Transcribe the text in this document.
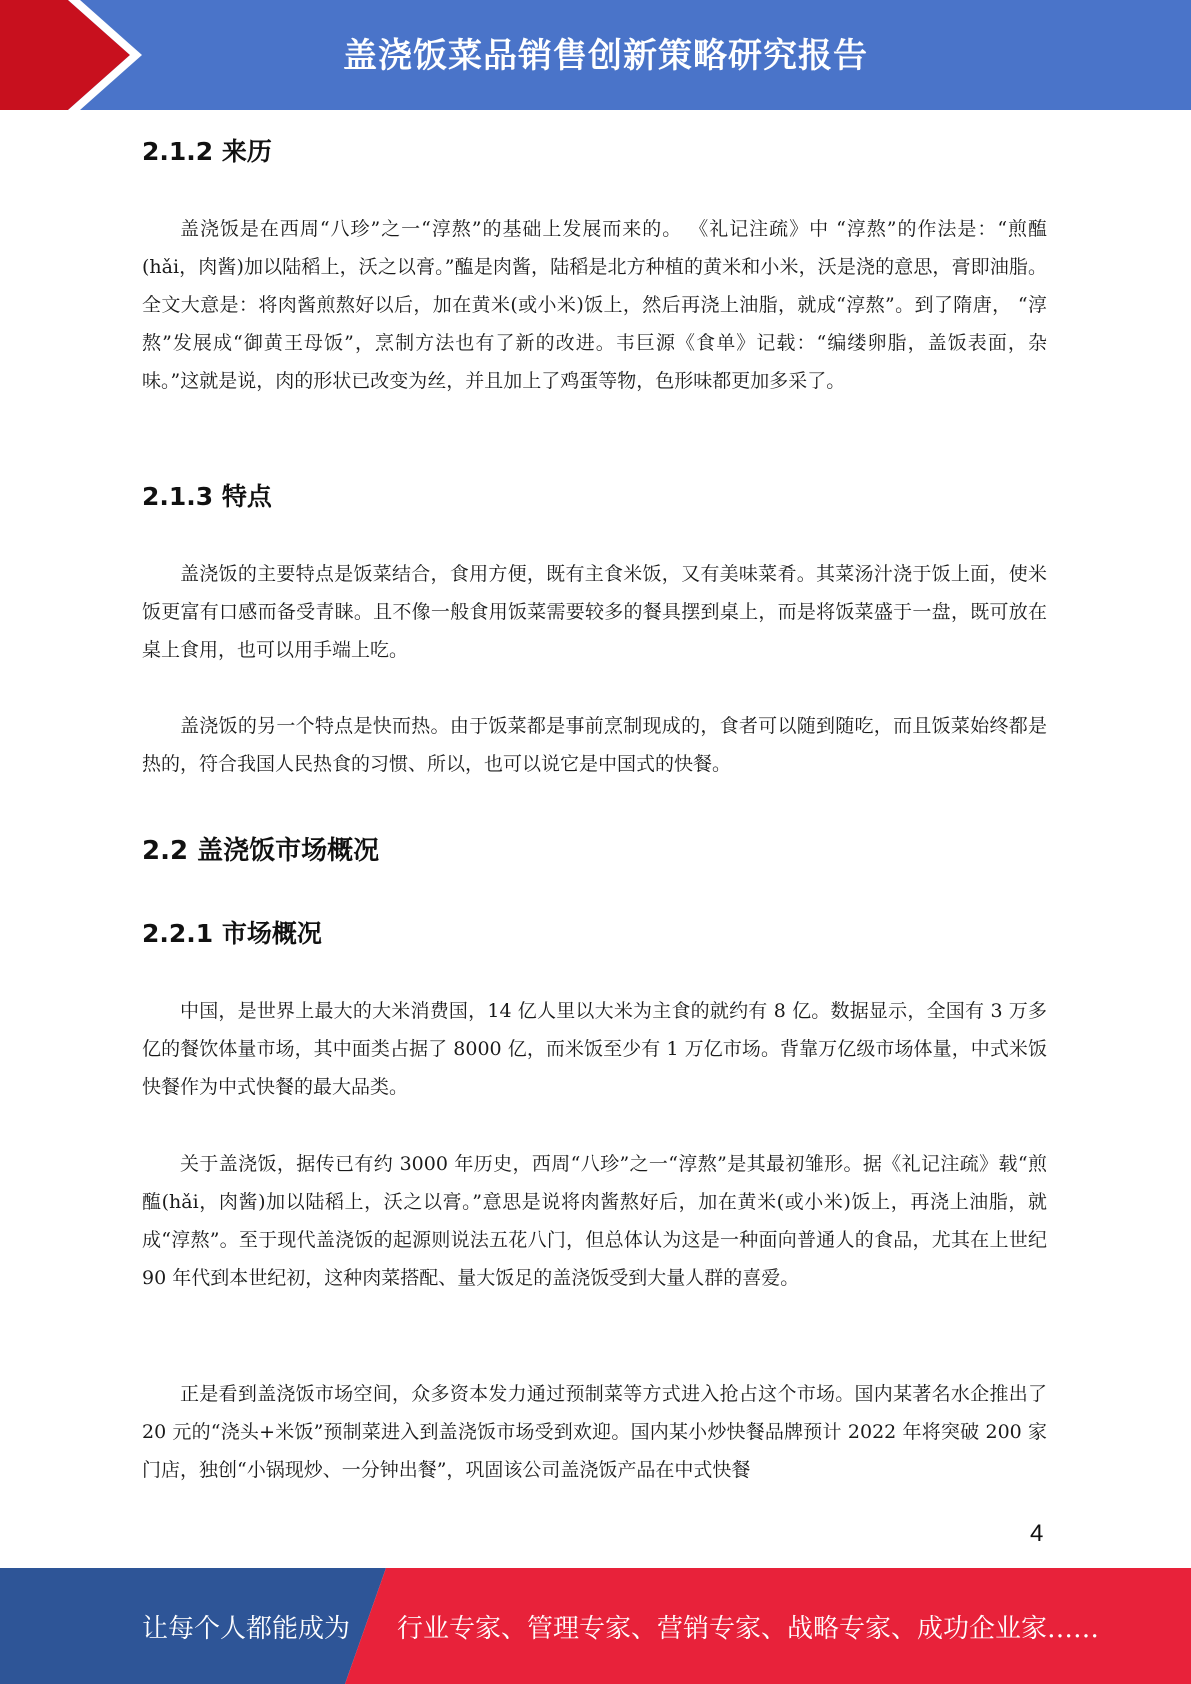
盖浇饭菜品销售创新策略研究报告
2.1.2 来历

盖浇饭是在西周“八珍”之一“淳熬”的基础上发展而来的。 《礼记注疏》中 “淳熬”的作法是：“煎醢(hǎi，肉酱)加以陆稻上，沃之以膏。”醢是肉酱，陆稻是北方种植的黄米和小米，沃是浇的意思，膏即油脂。全文大意是：将肉酱煎熬好以后，加在黄米(或小米)饭上，然后再浇上油脂，就成“淳熬”。到了隋唐， “淳熬”发展成“御黄王母饭”，烹制方法也有了新的改进。韦巨源《食单》记载：“编缕卵脂，盖饭表面，杂味。”这就是说，肉的形状已改变为丝，并且加上了鸡蛋等物，色形味都更加多采了。

2.1.3 特点

盖浇饭的主要特点是饭菜结合，食用方便，既有主食米饭，又有美味菜肴。其菜汤汁浇于饭上面，使米饭更富有口感而备受青睐。且不像一般食用饭菜需要较多的餐具摆到桌上，而是将饭菜盛于一盘，既可放在桌上食用，也可以用手端上吃。

盖浇饭的另一个特点是快而热。由于饭菜都是事前烹制现成的，食者可以随到随吃，而且饭菜始终都是热的，符合我国人民热食的习惯、所以，也可以说它是中国式的快餐。

2.2 盖浇饭市场概况
2.2.1 市场概况

中国，是世界上最大的大米消费国，14 亿人里以大米为主食的就约有 8 亿。数据显示，全国有 3 万多亿的餐饮体量市场，其中面类占据了 8000 亿，而米饭至少有 1 万亿市场。背靠万亿级市场体量，中式米饭快餐作为中式快餐的最大品类。

关于盖浇饭，据传已有约 3000 年历史，西周“八珍”之一“淳熬”是其最初雏形。据《礼记注疏》载“煎醢(hǎi，肉酱)加以陆稻上，沃之以膏。”意思是说将肉酱熬好后，加在黄米(或小米)饭上，再浇上油脂，就成“淳熬”。至于现代盖浇饭的起源则说法五花八门，但总体认为这是一种面向普通人的食品，尤其在上世纪 90 年代到本世纪初，这种肉菜搭配、量大饭足的盖浇饭受到大量人群的喜爱。

正是看到盖浇饭市场空间，众多资本发力通过预制菜等方式进入抢占这个市场。国内某著名水企推出了 20 元的“浇头+米饭”预制菜进入到盖浇饭市场受到欢迎。国内某小炒快餐品牌预计 2022 年将突破 200 家门店，独创“小锅现炒、一分钟出餐”，巩固该公司盖浇饭产品在中式快餐

4
让每个人都能成为 行业专家、管理专家、营销专家、战略专家、成功企业家……
